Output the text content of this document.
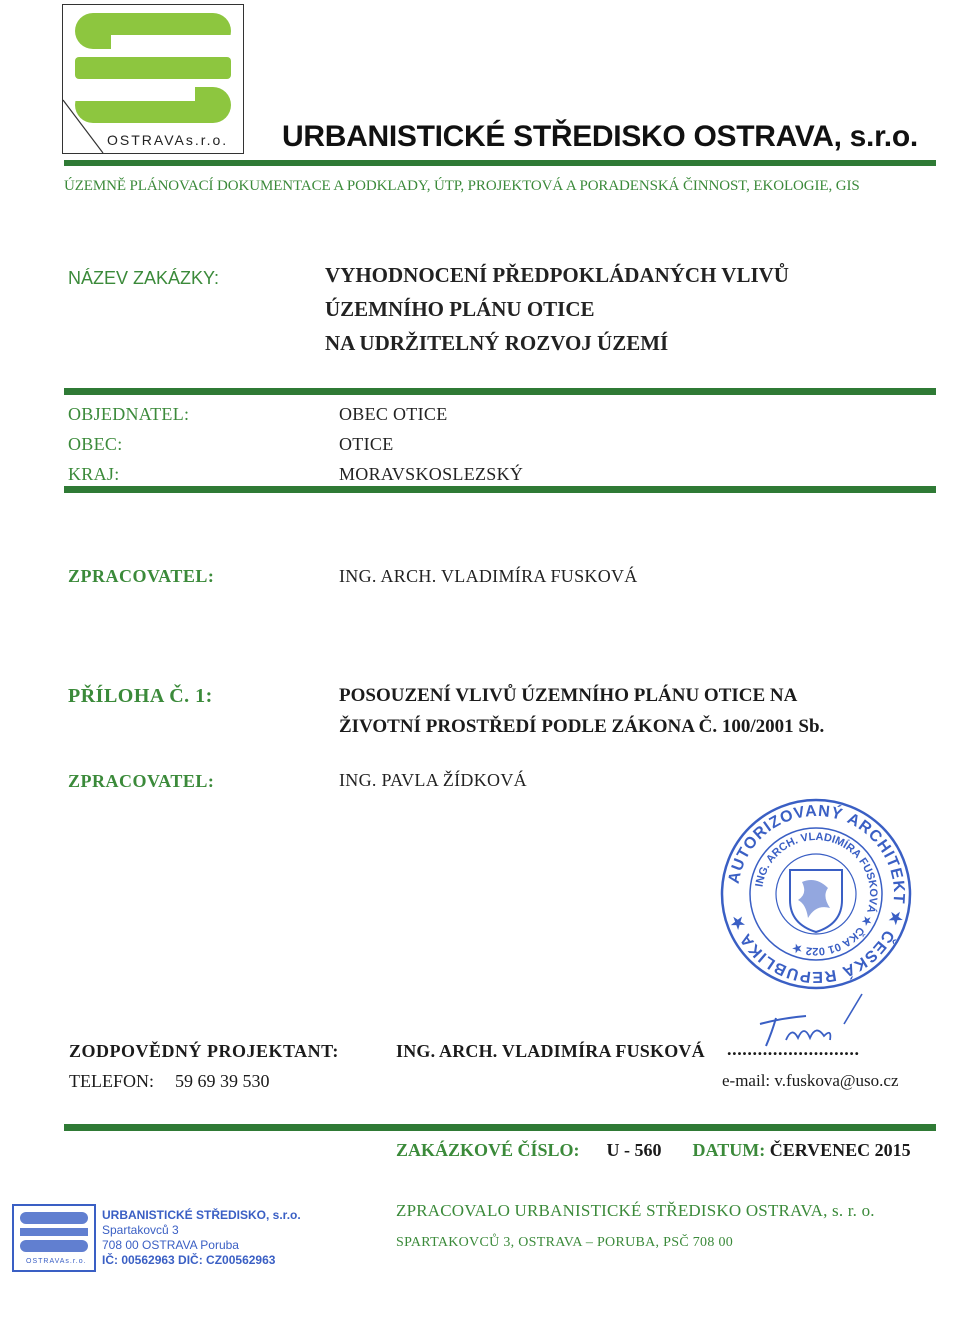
OSTRAVAs.r.o. URBANISTICKÉ STŘEDISKO OSTRAVA, s.r.o.
ÚZEMNĚ PLÁNOVACÍ DOKUMENTACE A PODKLADY, ÚTP, PROJEKTOVÁ A PORADENSKÁ ČINNOST, EKOLOGIE, GIS
NÁZEV ZAKÁZKY:	VYHODNOCENÍ PŘEDPOKLÁDANÝCH VLIVŮ
ÚZEMNÍHO PLÁNU OTICE
NA UDRŽITELNÝ ROZVOJ ÚZEMÍ
OBJEDNATEL:	OBEC OTICE
OBEC:	OTICE
KRAJ:	MORAVSKOSLEZSKÝ
ZPRACOVATEL:	ING. ARCH. VLADIMÍRA FUSKOVÁ
PŘÍLOHA Č. 1:	POSOUZENÍ VLIVŮ ÚZEMNÍHO PLÁNU OTICE NA
ŽIVOTNÍ PROSTŘEDÍ PODLE ZÁKONA Č. 100/2001 Sb.
ZPRACOVATEL:	ING. PAVLA ŽÍDKOVÁ
AUTORIZOVANÝ ARCHITEKT ★ ČESKÁ REPUBLIKA ★
ING. ARCH. VLADIMÍRA FUSKOVÁ ★ ČKA 01 022 ★
ZODPOVĚDNÝ PROJEKTANT:	ING. ARCH. VLADIMÍRA FUSKOVÁ ..........................
TELEFON: 59 69 39 530	e-mail: v.fuskova@uso.cz
ZAKÁZKOVÉ ČÍSLO: U - 560 DATUM: ČERVENEC 2015
OSTRAVAs.r.o.
URBANISTICKÉ STŘEDISKO, s.r.o.
Spartakovců 3
708 00 OSTRAVA Poruba
IČ: 00562963 DIČ: CZ00562963
ZPRACOVALO URBANISTICKÉ STŘEDISKO OSTRAVA, s. r. o.
SPARTAKOVCŮ 3, OSTRAVA – PORUBA, PSČ 708 00
